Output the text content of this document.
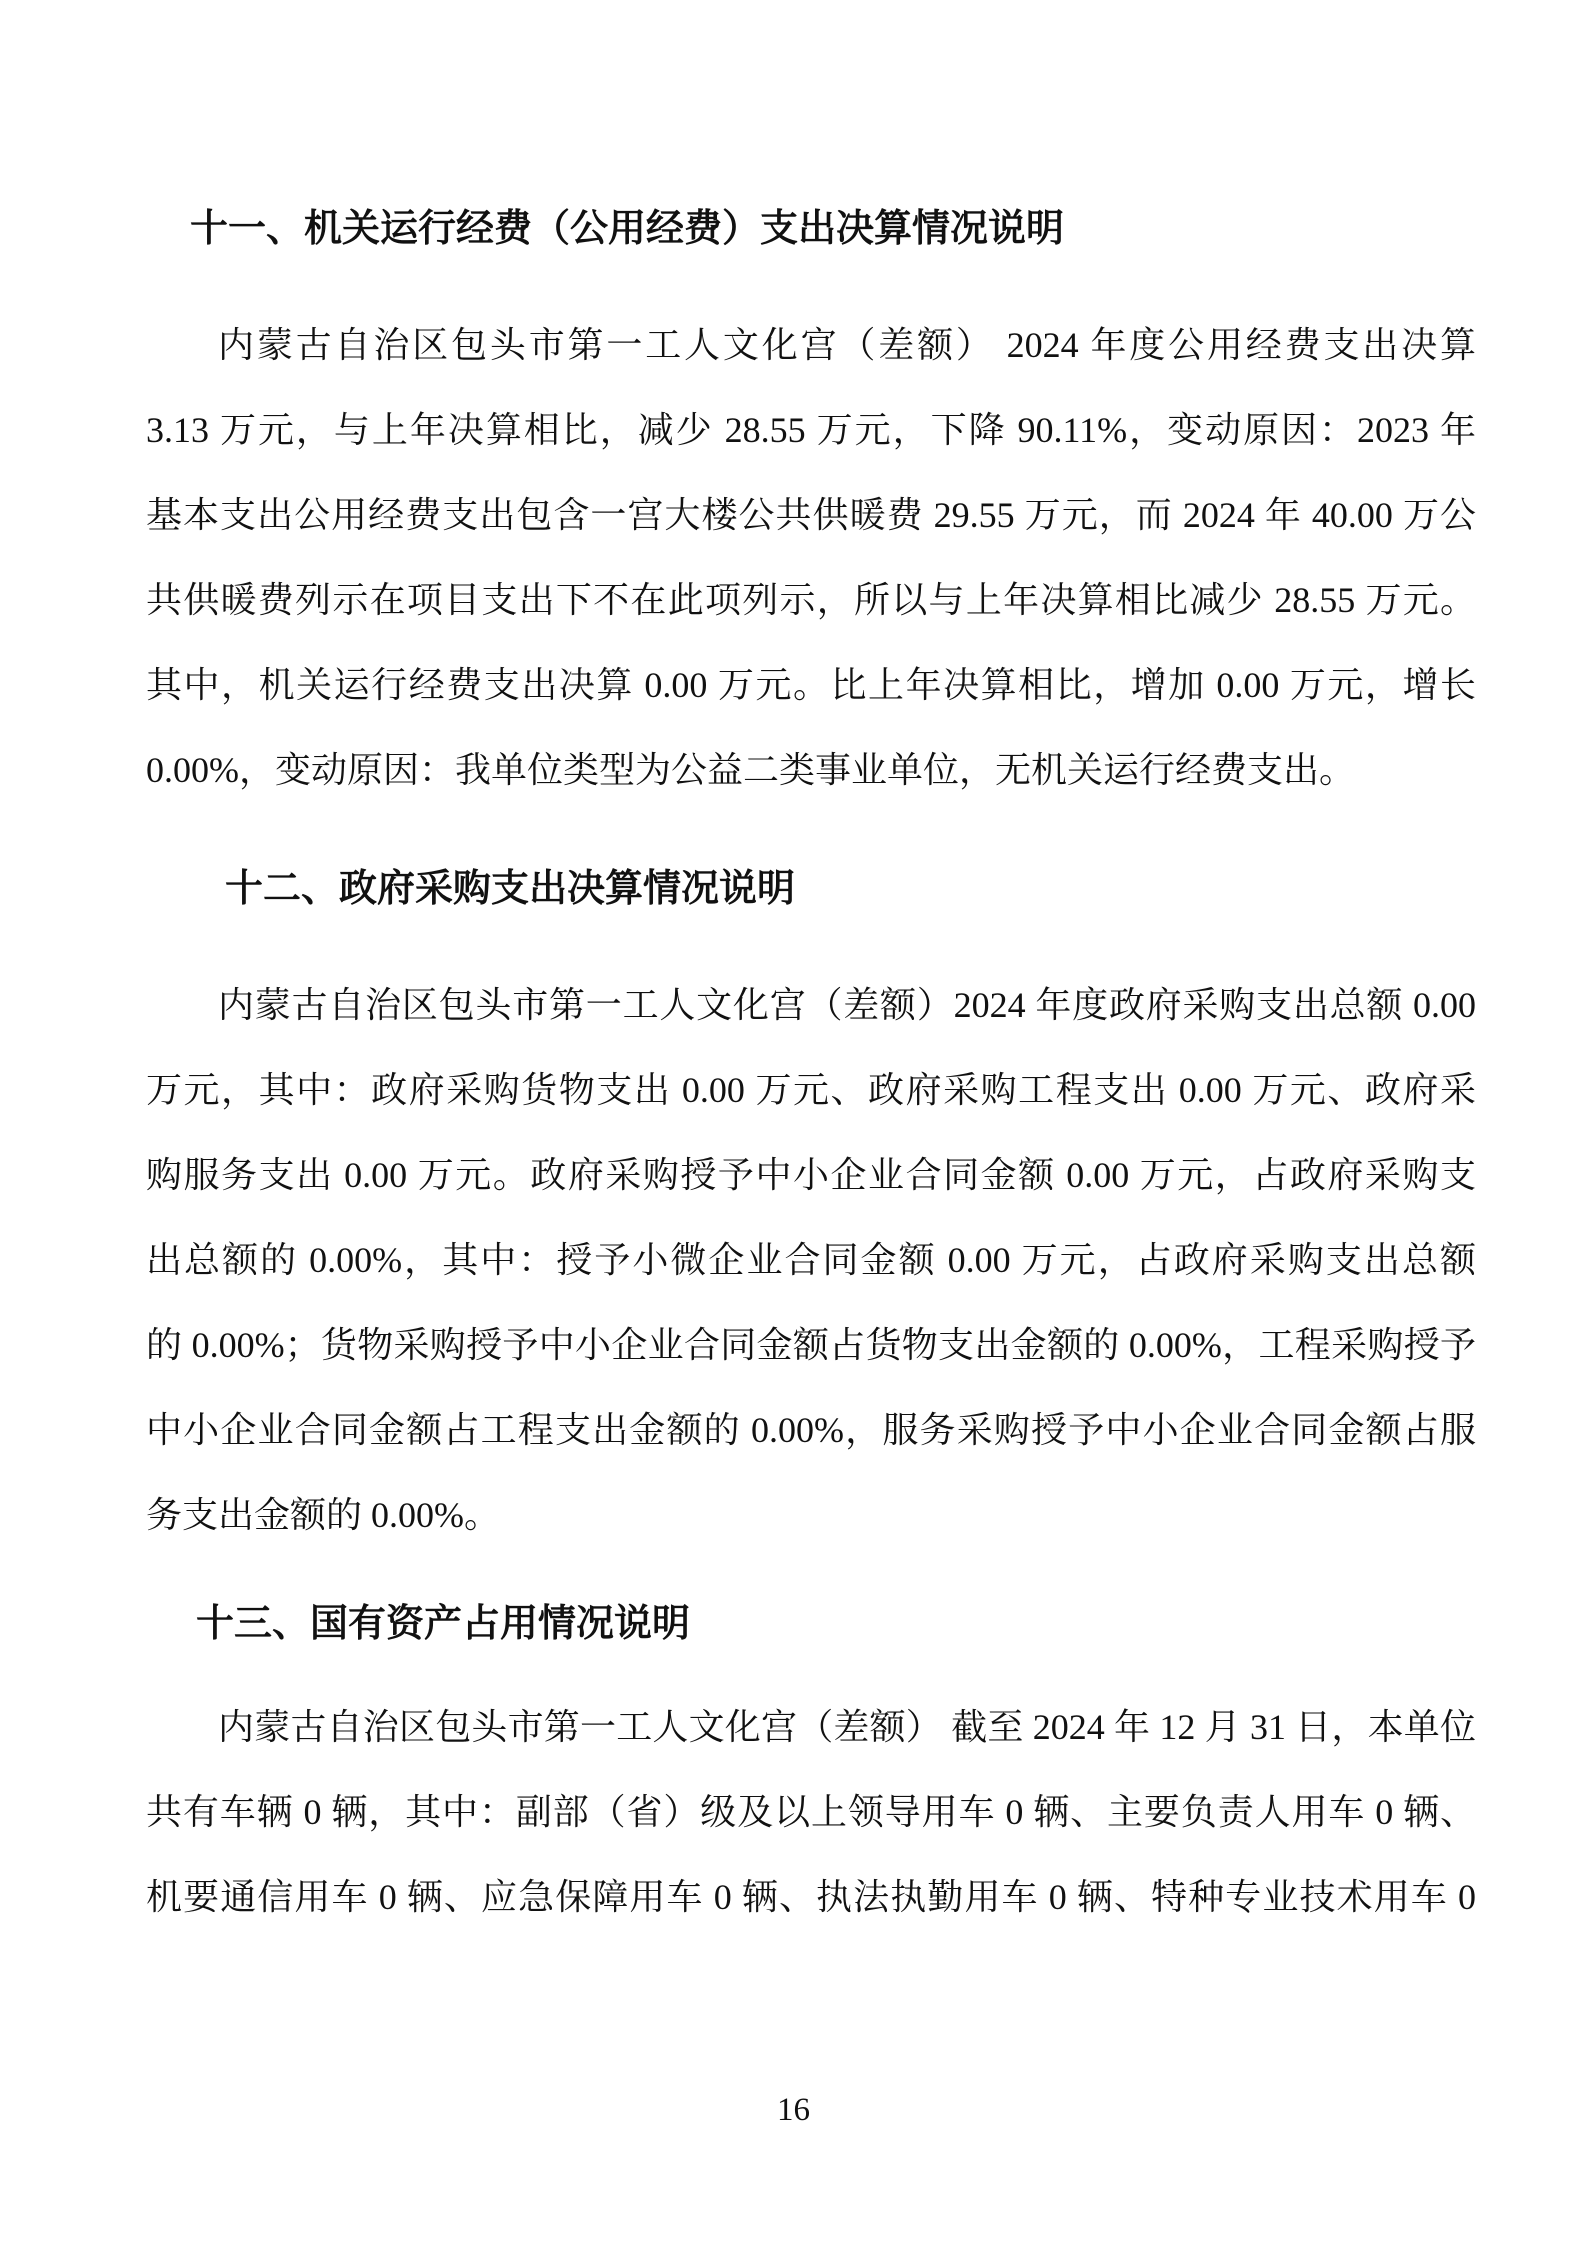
十一、机关运行经费（公用经费）支出决算情况说明
内蒙古自治区包头市第一工人文化宫（差额） 2024 年度公用经费支出决算
3.13 万元，与上年决算相比，减少 28.55 万元，下降 90.11%，变动原因：2023 年
基本支出公用经费支出包含一宫大楼公共供暖费 29.55 万元，而 2024 年 40.00 万公
共供暖费列示在项目支出下不在此项列示，所以与上年决算相比减少 28.55 万元。
其中，机关运行经费支出决算 0.00 万元。比上年决算相比，增加 0.00 万元，增长
0.00%，变动原因：我单位类型为公益二类事业单位，无机关运行经费支出。
十二、政府采购支出决算情况说明
内蒙古自治区包头市第一工人文化宫（差额）2024 年度政府采购支出总额 0.00
万元，其中：政府采购货物支出 0.00 万元、政府采购工程支出 0.00 万元、政府采
购服务支出 0.00 万元。政府采购授予中小企业合同金额 0.00 万元，占政府采购支
出总额的 0.00%，其中：授予小微企业合同金额 0.00 万元，占政府采购支出总额
的 0.00%；货物采购授予中小企业合同金额占货物支出金额的 0.00%，工程采购授予
中小企业合同金额占工程支出金额的 0.00%，服务采购授予中小企业合同金额占服
务支出金额的 0.00%。
十三、国有资产占用情况说明
内蒙古自治区包头市第一工人文化宫（差额） 截至 2024 年 12 月 31 日，本单位
共有车辆 0 辆，其中：副部（省）级及以上领导用车 0 辆、主要负责人用车 0 辆、
机要通信用车 0 辆、应急保障用车 0 辆、执法执勤用车 0 辆、特种专业技术用车 0
16
